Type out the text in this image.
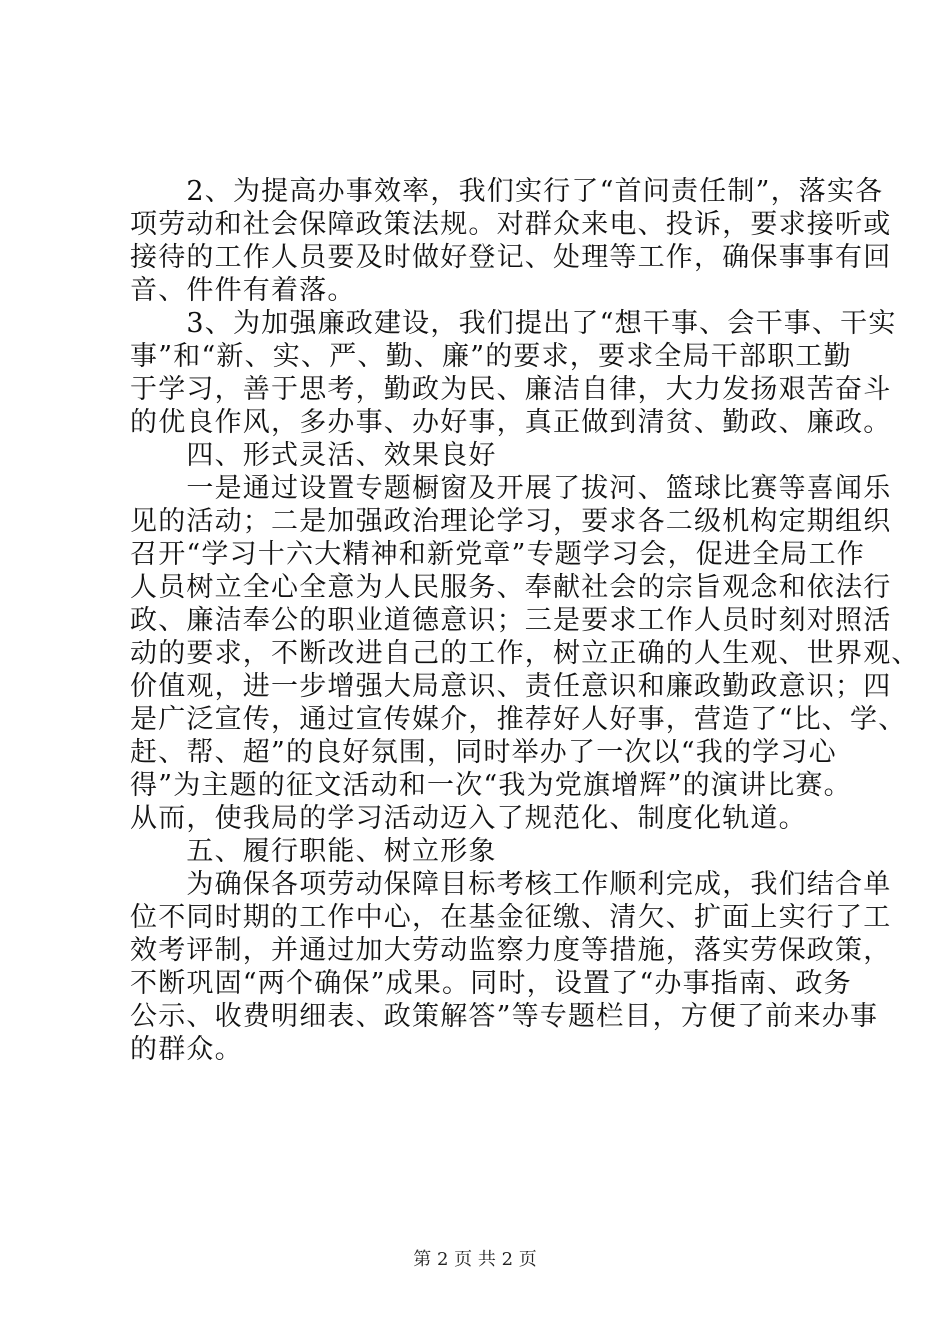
　　2、为提高办事效率，我们实行了“首问责任制”，落实各
项劳动和社会保障政策法规。对群众来电、投诉，要求接听或
接待的工作人员要及时做好登记、处理等工作，确保事事有回
音、件件有着落。
　　3、为加强廉政建设，我们提出了“想干事、会干事、干实
事”和“新、实、严、勤、廉”的要求，要求全局干部职工勤
于学习，善于思考，勤政为民、廉洁自律，大力发扬艰苦奋斗
的优良作风，多办事、办好事，真正做到清贫、勤政、廉政。
　　四、形式灵活、效果良好
　　一是通过设置专题橱窗及开展了拔河、篮球比赛等喜闻乐
见的活动；二是加强政治理论学习，要求各二级机构定期组织
召开“学习十六大精神和新党章”专题学习会，促进全局工作
人员树立全心全意为人民服务、奉献社会的宗旨观念和依法行
政、廉洁奉公的职业道德意识；三是要求工作人员时刻对照活
动的要求，不断改进自己的工作，树立正确的人生观、世界观、
价值观，进一步增强大局意识、责任意识和廉政勤政意识；四
是广泛宣传，通过宣传媒介，推荐好人好事，营造了“比、学、
赶、帮、超”的良好氛围，同时举办了一次以“我的学习心
得”为主题的征文活动和一次“我为党旗增辉”的演讲比赛。
从而，使我局的学习活动迈入了规范化、制度化轨道。
　　五、履行职能、树立形象
　　为确保各项劳动保障目标考核工作顺利完成，我们结合单
位不同时期的工作中心，在基金征缴、清欠、扩面上实行了工
效考评制，并通过加大劳动监察力度等措施，落实劳保政策，
不断巩固“两个确保”成果。同时，设置了“办事指南、政务
公示、收费明细表、政策解答”等专题栏目，方便了前来办事
的群众。
第 2 页 共 2 页
